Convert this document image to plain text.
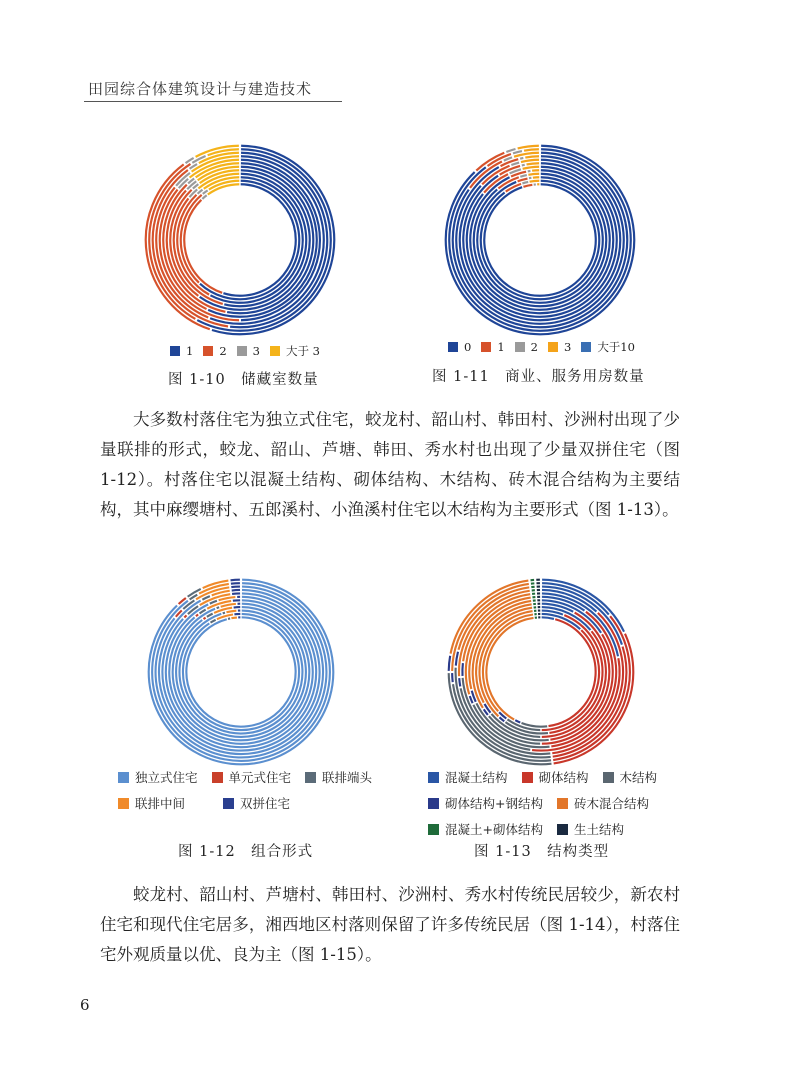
田园综合体建筑设计与建造技术
1 2 3 大于 3
图 1-10　储藏室数量
0 1 2 3 大于10
图 1-11　商业、服务用房数量

大多数村落住宅为独立式住宅，蛟龙村、韶山村、韩田村、沙洲村出现了少量联排的形式，蛟龙、韶山、芦塘、韩田、秀水村也出现了少量双拼住宅（图 1-12）。村落住宅以混凝土结构、砌体结构、木结构、砖木混合结构为主要结构，其中麻缨塘村、五郎溪村、小渔溪村住宅以木结构为主要形式（图 1-13）。

独立式住宅 单元式住宅 联排端头
联排中间	双拼住宅
图 1-12　组合形式
混凝土结构 砌体结构 木结构
砌体结构+钢结构 砖木混合结构
混凝土+砌体结构 生土结构
图 1-13　结构类型

蛟龙村、韶山村、芦塘村、韩田村、沙洲村、秀水村传统民居较少，新农村住宅和现代住宅居多，湘西地区村落则保留了许多传统民居（图 1-14），村落住宅外观质量以优、良为主（图 1-15）。

6
